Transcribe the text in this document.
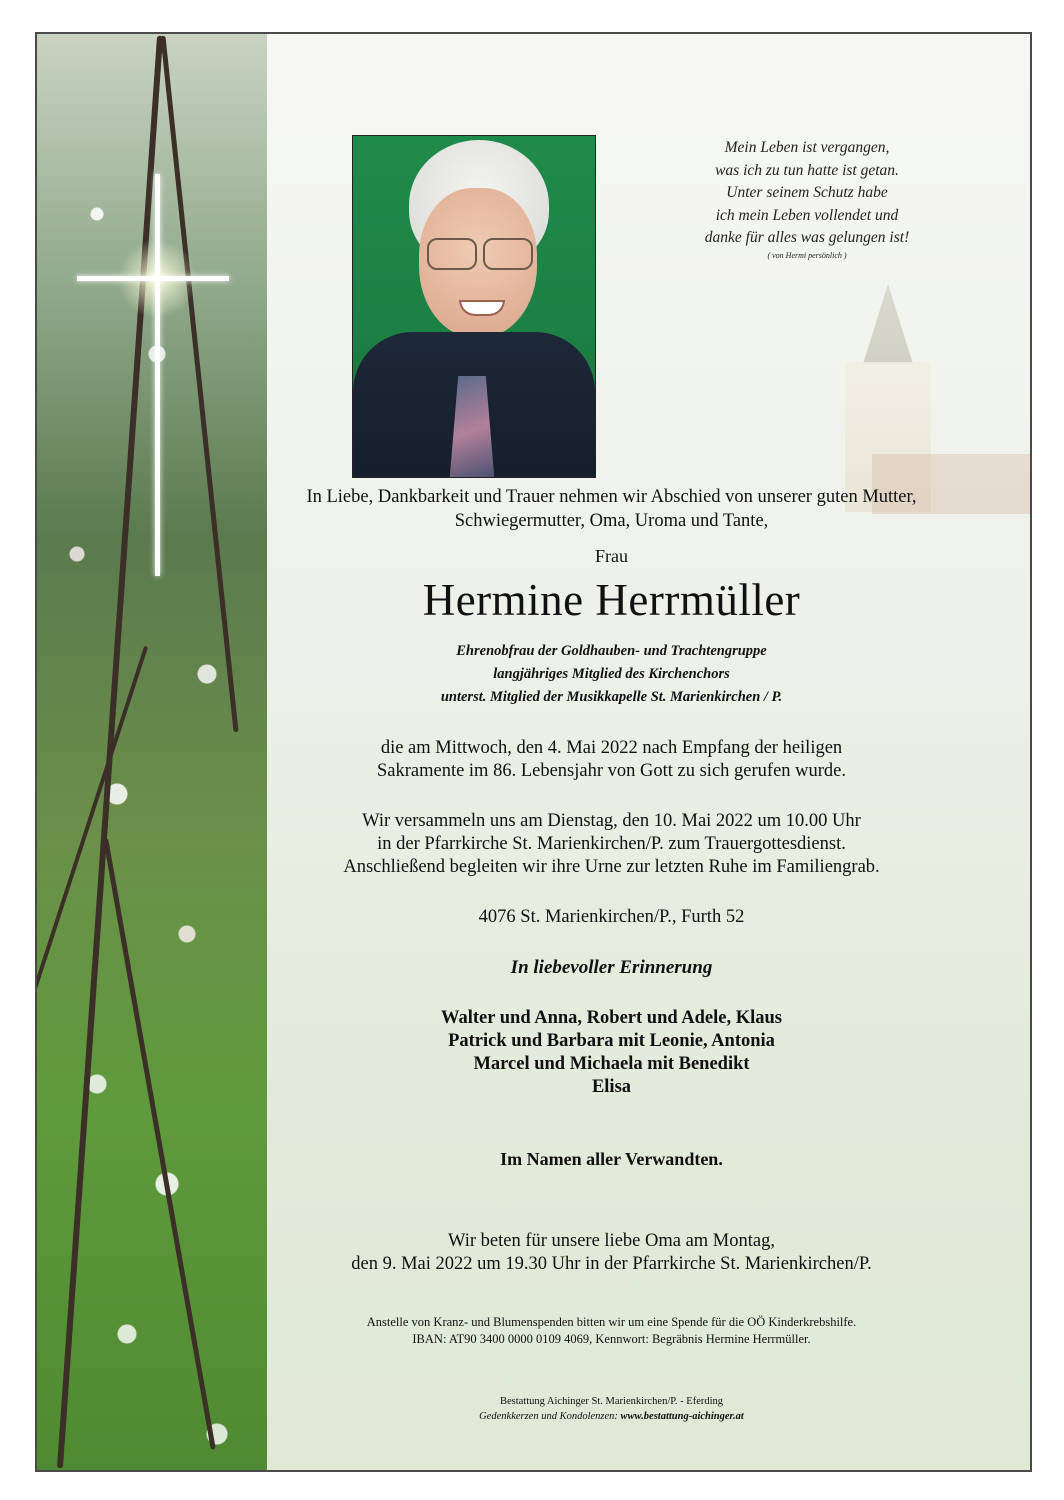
Mein Leben ist vergangen,
was ich zu tun hatte ist getan.
Unter seinem Schutz habe
ich mein Leben vollendet und
danke für alles was gelungen ist!
( von Hermi persönlich )
In Liebe, Dankbarkeit und Trauer nehmen wir Abschied von unserer guten Mutter,
Schwiegermutter, Oma, Uroma und Tante,
Frau
Hermine Herrmüller
Ehrenobfrau der Goldhauben- und Trachtengruppe
langjähriges Mitglied des Kirchenchors
unterst. Mitglied der Musikkapelle St. Marienkirchen / P.
die am Mittwoch, den 4. Mai 2022 nach Empfang der heiligen
Sakramente im 86. Lebensjahr von Gott zu sich gerufen wurde.
Wir versammeln uns am Dienstag, den 10. Mai 2022 um 10.00 Uhr
in der Pfarrkirche St. Marienkirchen/P. zum Trauergottesdienst.
Anschließend begleiten wir ihre Urne zur letzten Ruhe im Familiengrab.
4076 St. Marienkirchen/P., Furth 52
In liebevoller Erinnerung
Walter und Anna, Robert und Adele, Klaus
Patrick und Barbara mit Leonie, Antonia
Marcel und Michaela mit Benedikt
Elisa
Im Namen aller Verwandten.
Wir beten für unsere liebe Oma am Montag,
den 9. Mai 2022 um 19.30 Uhr in der Pfarrkirche St. Marienkirchen/P.
Anstelle von Kranz- und Blumenspenden bitten wir um eine Spende für die OÖ Kinderkrebshilfe.
IBAN: AT90 3400 0000 0109 4069, Kennwort: Begräbnis Hermine Herrmüller.
Bestattung Aichinger St. Marienkirchen/P. - Eferding
Gedenkkerzen und Kondolenzen: www.bestattung-aichinger.at
